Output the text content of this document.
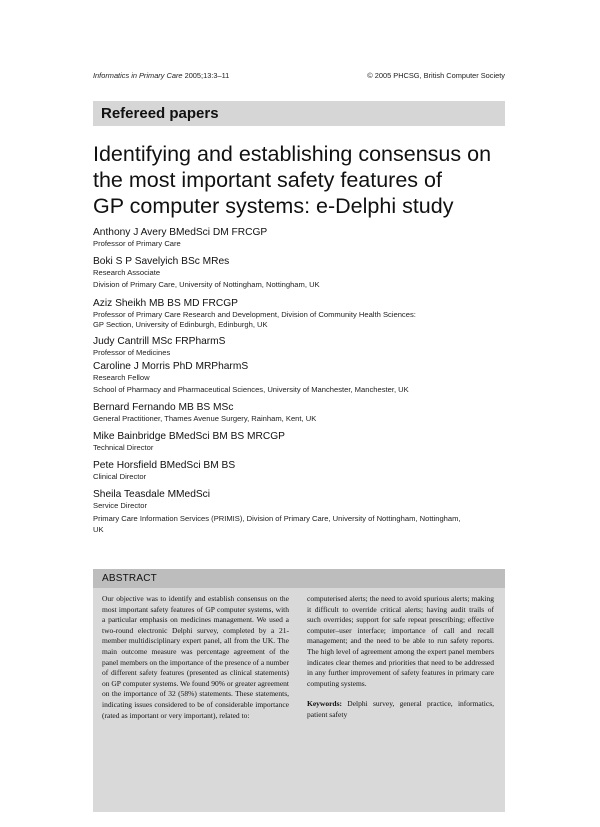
Informatics in Primary Care 2005;13:3–11	© 2005 PHCSG, British Computer Society
Refereed papers
Identifying and establishing consensus on
the most important safety features of
GP computer systems: e-Delphi study
Anthony J Avery BMedSci DM FRCGP
Professor of Primary Care
Boki S P Savelyich BSc MRes
Research Associate
Division of Primary Care, University of Nottingham, Nottingham, UK
Aziz Sheikh MB BS MD FRCGP
Professor of Primary Care Research and Development, Division of Community Health Sciences:
GP Section, University of Edinburgh, Edinburgh, UK
Judy Cantrill MSc FRPharmS
Professor of Medicines
Caroline J Morris PhD MRPharmS
Research Fellow
School of Pharmacy and Pharmaceutical Sciences, University of Manchester, Manchester, UK
Bernard Fernando MB BS MSc
General Practitioner, Thames Avenue Surgery, Rainham, Kent, UK
Mike Bainbridge BMedSci BM BS MRCGP
Technical Director
Pete Horsfield BMedSci BM BS
Clinical Director
Sheila Teasdale MMedSci
Service Director
Primary Care Information Services (PRIMIS), Division of Primary Care, University of Nottingham, Nottingham, UK
ABSTRACT

Our objective was to identify and establish consensus on the most important safety features of GP computer systems, with a particular emphasis on medicines management. We used a two-round electronic Delphi survey, completed by a 21-member multidisciplinary expert panel, all from the UK. The main outcome measure was percentage agreement of the panel members on the importance of the presence of a number of different safety features (presented as clinical statements) on GP computer systems. We found 90% or greater agreement on the importance of 32 (58%) statements. These statements, indicating issues considered to be of considerable importance (rated as important or very important), related to:

computerised alerts; the need to avoid spurious alerts; making it difficult to override critical alerts; having audit trails of such overrides; support for safe repeat prescribing; effective computer–user interface; importance of call and recall management; and the need to be able to run safety reports. The high level of agreement among the expert panel members indicates clear themes and priorities that need to be addressed in any further improvement of safety features in primary care computing systems.

Keywords: Delphi survey, general practice, informatics, patient safety
